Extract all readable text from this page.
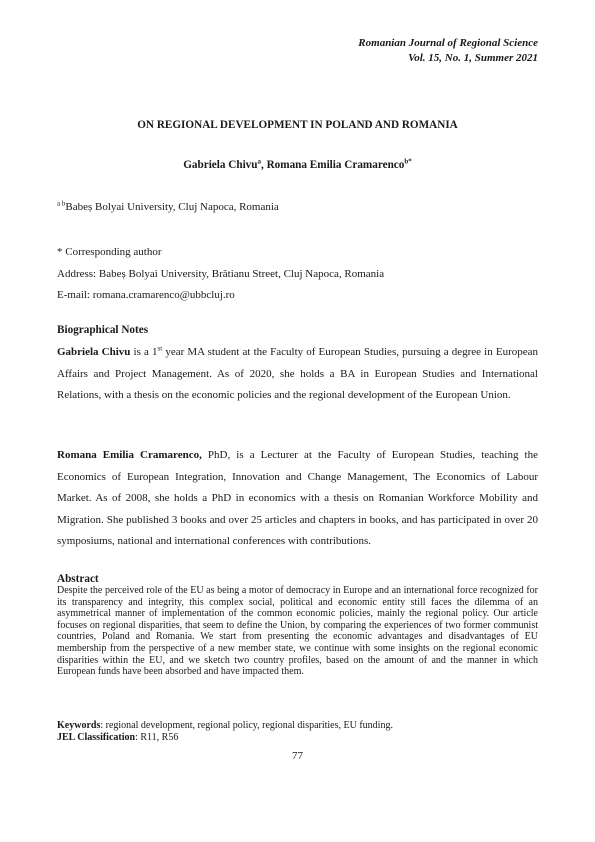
Romanian Journal of Regional Science
Vol. 15, No. 1, Summer 2021
ON REGIONAL DEVELOPMENT IN POLAND AND ROMANIA
Gabriela Chivu$^a$, Romana Emilia Cramarenco$^{b*}$
$^{a b}$Babeș Bolyai University, Cluj Napoca, Romania
* Corresponding author
Address: Babeș Bolyai University, Brătianu Street, Cluj Napoca, Romania
E-mail: romana.cramarenco@ubbcluj.ro
Biographical Notes
Gabriela Chivu is a 1st year MA student at the Faculty of European Studies, pursuing a degree in European Affairs and Project Management. As of 2020, she holds a BA in European Studies and International Relations, with a thesis on the economic policies and the regional development of the European Union.
Romana Emilia Cramarenco, PhD, is a Lecturer at the Faculty of European Studies, teaching the Economics of European Integration, Innovation and Change Management, The Economics of Labour Market. As of 2008, she holds a PhD in economics with a thesis on Romanian Workforce Mobility and Migration. She published 3 books and over 25 articles and chapters in books, and has participated in over 20 symposiums, national and international conferences with contributions.
Abstract
Despite the perceived role of the EU as being a motor of democracy in Europe and an international force recognized for its transparency and integrity, this complex social, political and economic entity still faces the dilemma of an asymmetrical manner of implementation of the common economic policies, mainly the regional policy. Our article focuses on regional disparities, that seem to define the Union, by comparing the experiences of two former communist countries, Poland and Romania. We start from presenting the economic advantages and disadvantages of EU membership from the perspective of a new member state, we continue with some insights on the regional economic disparities within the EU, and we sketch two country profiles, based on the amount of and the manner in which European funds have been absorbed and have impacted them.
Keywords: regional development, regional policy, regional disparities, EU funding.
JEL Classification: R11, R56
77
